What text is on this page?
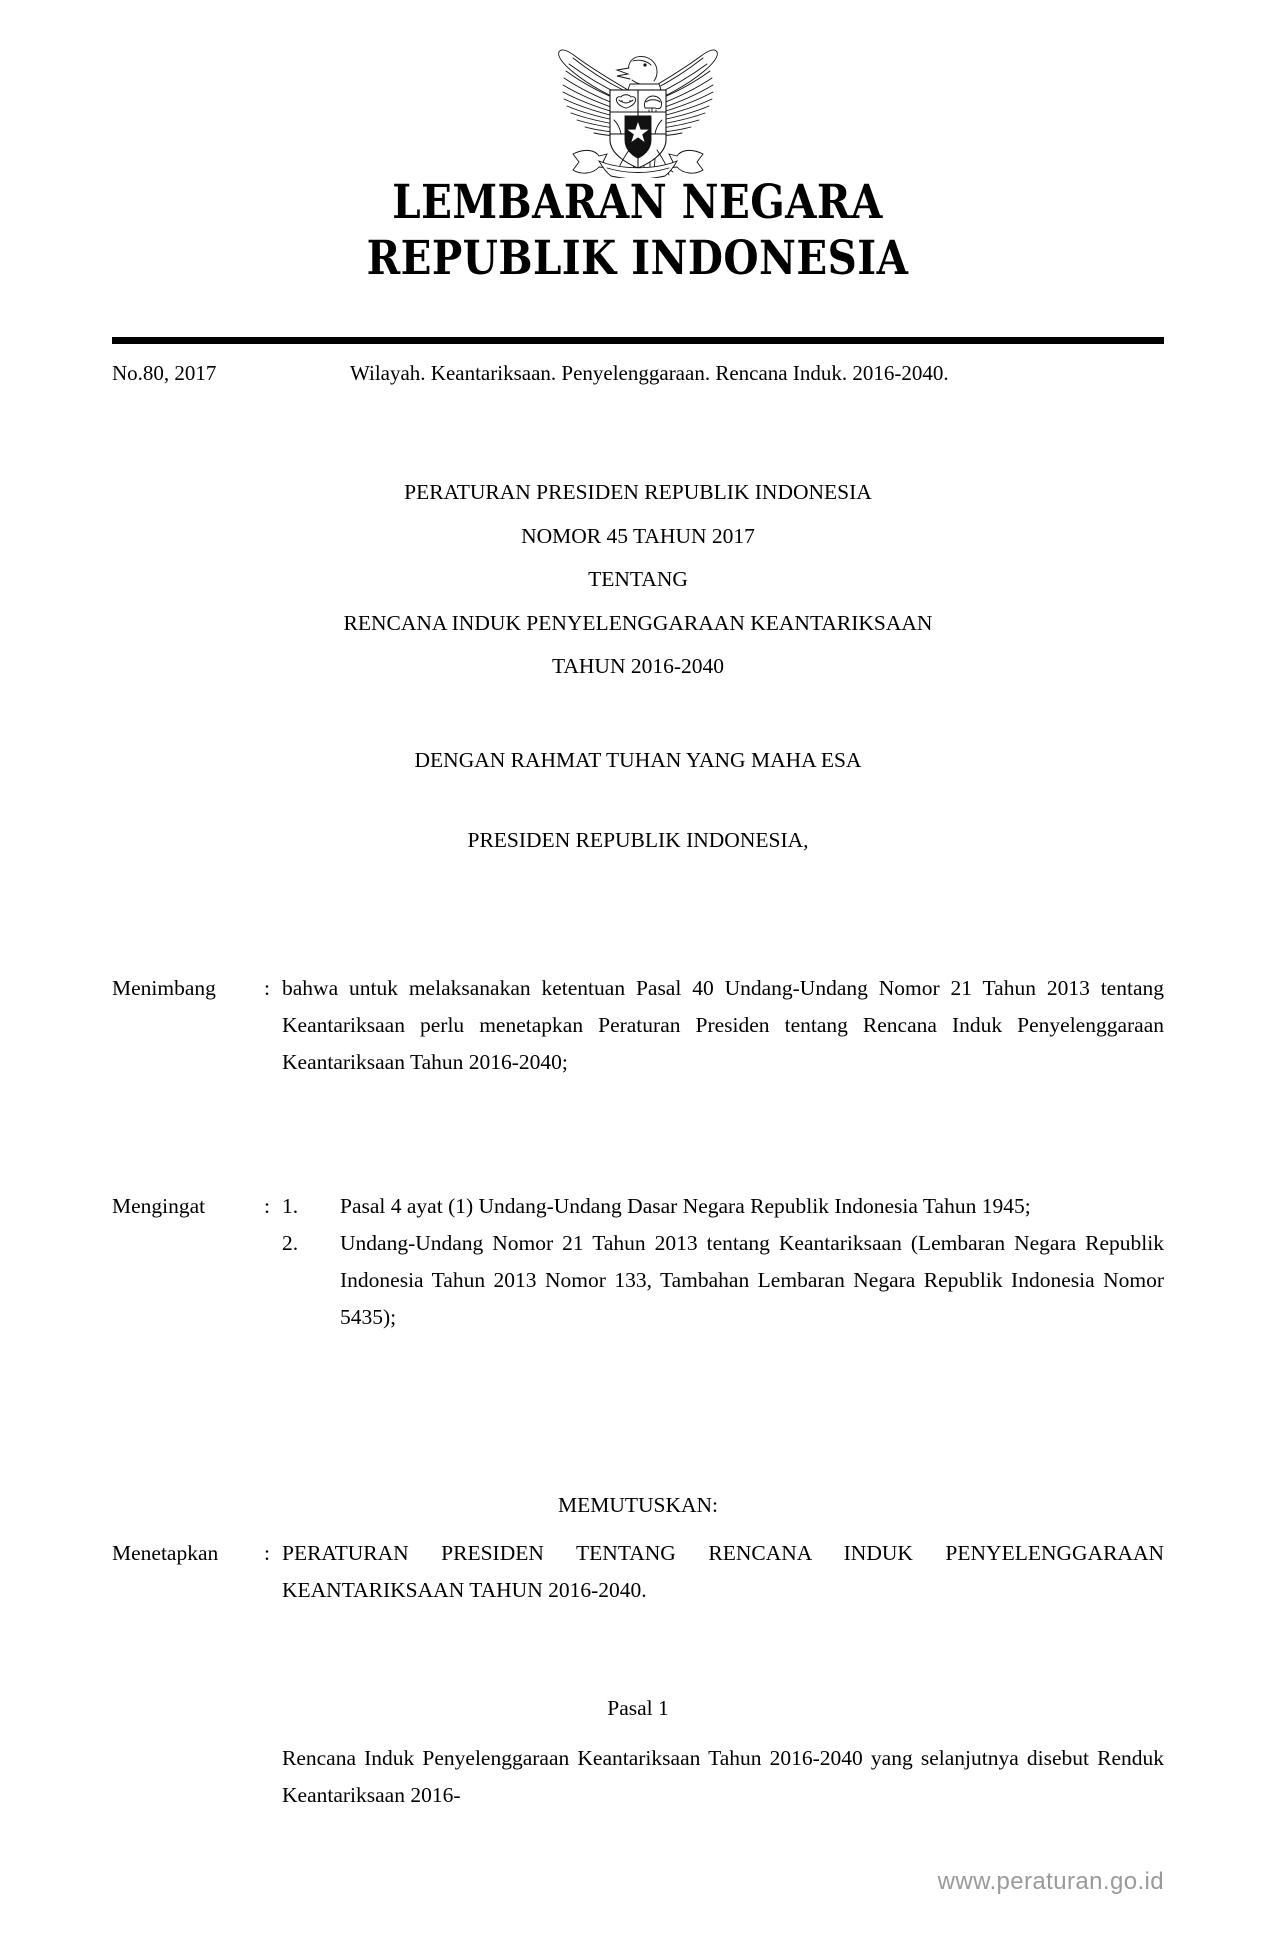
LEMBARAN NEGARA
REPUBLIK INDONESIA
No.80, 2017	Wilayah. Keantariksaan. Penyelenggaraan. Rencana Induk. 2016-2040.
PERATURAN PRESIDEN REPUBLIK INDONESIA
NOMOR 45 TAHUN 2017
TENTANG
RENCANA INDUK PENYELENGGARAAN KEANTARIKSAAN
TAHUN 2016-2040
DENGAN RAHMAT TUHAN YANG MAHA ESA
PRESIDEN REPUBLIK INDONESIA,
Menimbang	: bahwa untuk melaksanakan ketentuan Pasal 40 Undang-Undang Nomor 21 Tahun 2013 tentang Keantariksaan perlu menetapkan Peraturan Presiden tentang Rencana Induk Penyelenggaraan Keantariksaan Tahun 2016-2040;
Mengingat	: 1.	Pasal 4 ayat (1) Undang-Undang Dasar Negara Republik Indonesia Tahun 1945;
2.	Undang-Undang Nomor 21 Tahun 2013 tentang Keantariksaan (Lembaran Negara Republik Indonesia Tahun 2013 Nomor 133, Tambahan Lembaran Negara Republik Indonesia Nomor 5435);
MEMUTUSKAN:
Menetapkan	: PERATURAN PRESIDEN TENTANG RENCANA INDUK PENYELENGGARAAN KEANTARIKSAAN TAHUN 2016-2040.
Pasal 1
Rencana Induk Penyelenggaraan Keantariksaan Tahun 2016-2040 yang selanjutnya disebut Renduk Keantariksaan 2016-
www.peraturan.go.id
